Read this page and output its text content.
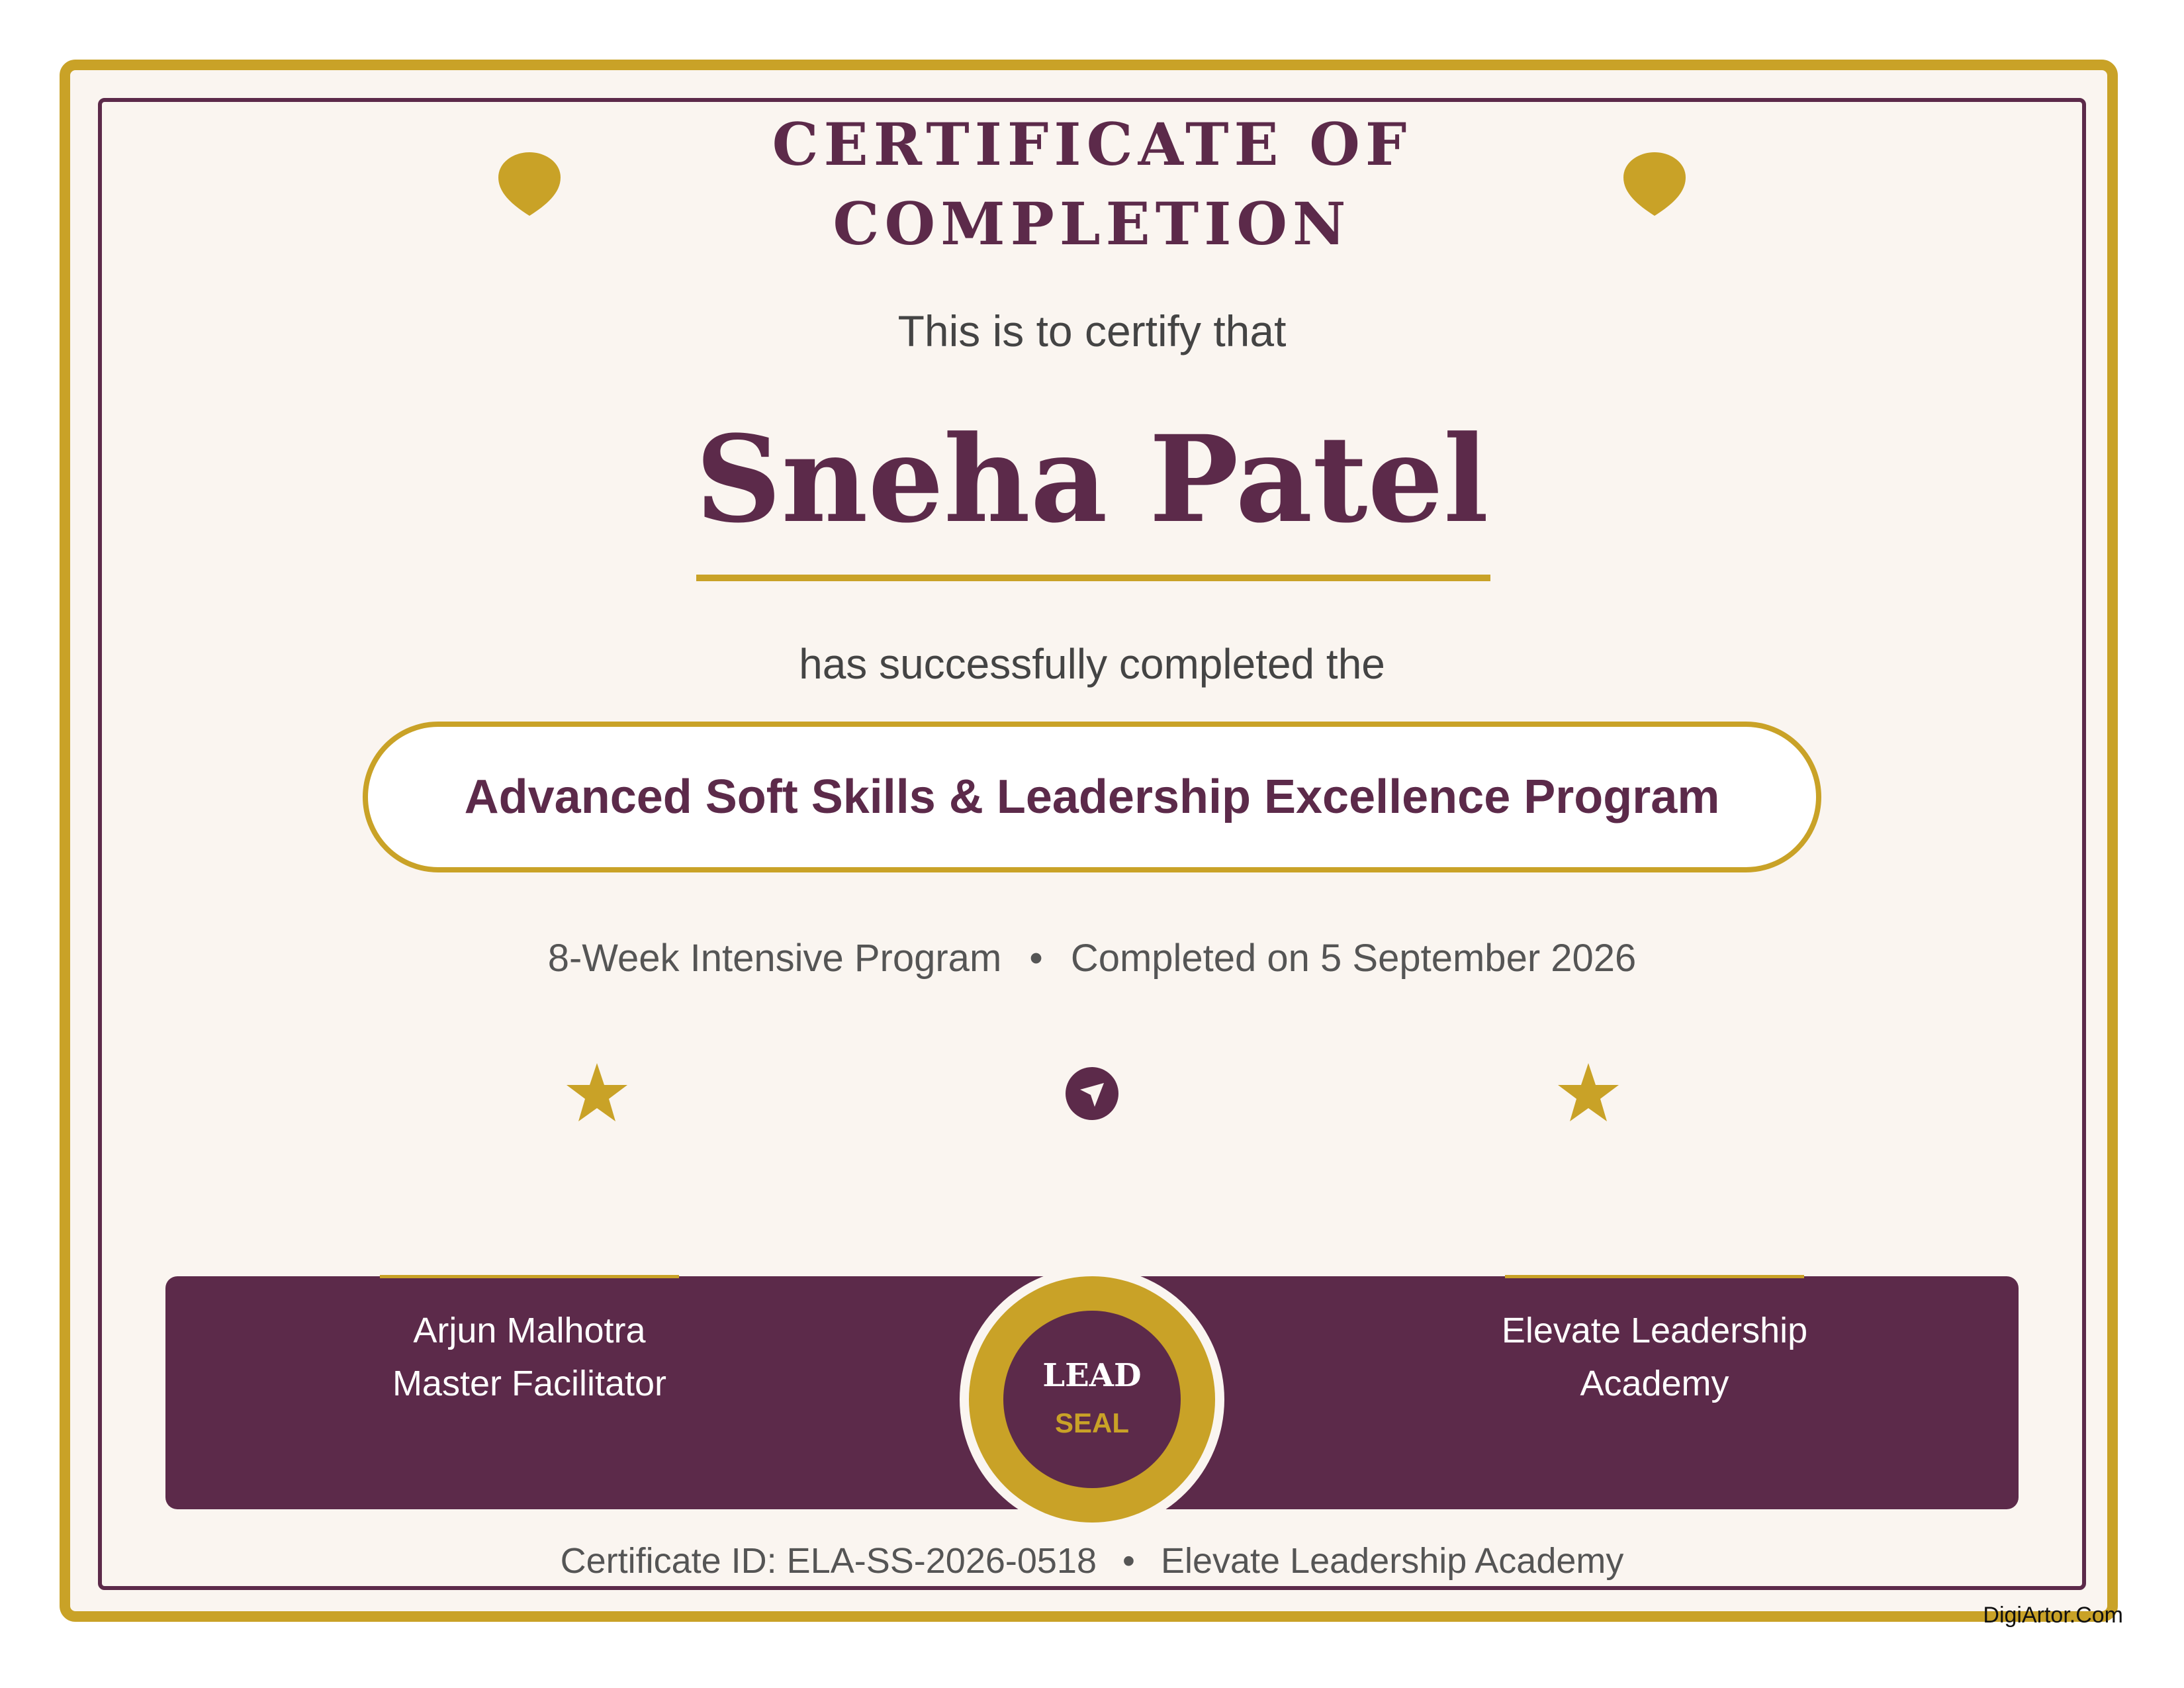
CERTIFICATE OF
COMPLETION
This is to certify that
Sneha Patel
has successfully completed the
Advanced Soft Skills & Leadership Excellence Program
8-Week Intensive Program • Completed on 5 September 2026
Arjun Malhotra
Master Facilitator
Elevate Leadership
Academy
LEAD
SEAL
Certificate ID: ELA-SS-2026-0518 • Elevate Leadership Academy
DigiArtor.Com
